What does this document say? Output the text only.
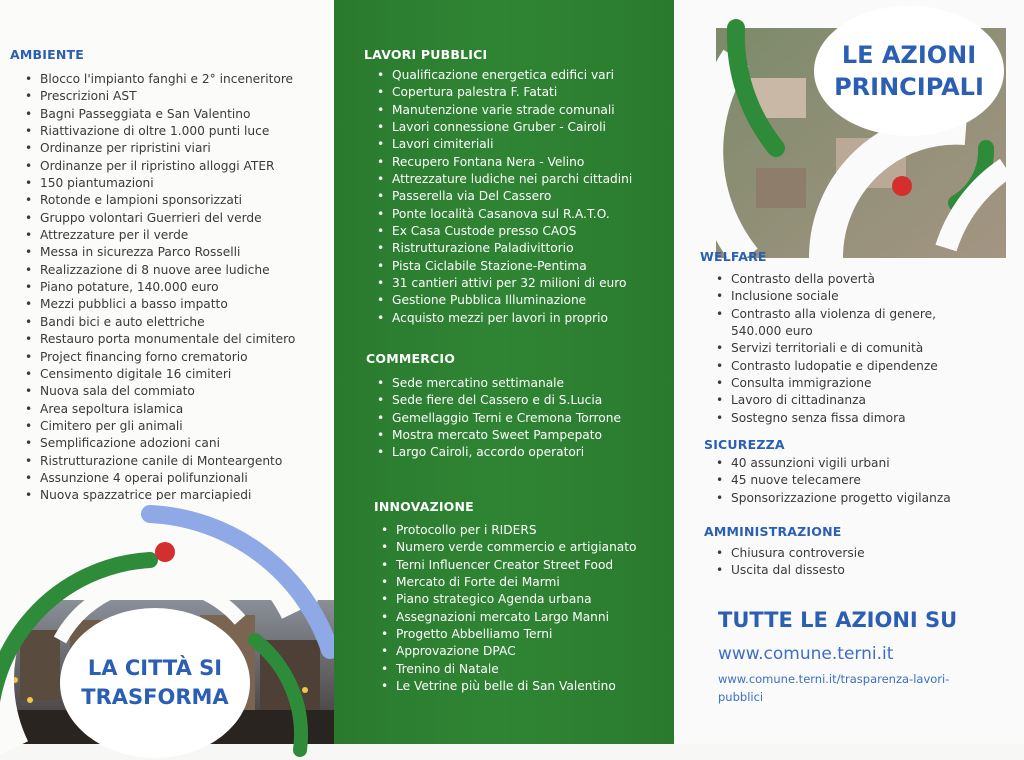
AMBIENTE
• Blocco l'impianto fanghi e 2° inceneritore
• Prescrizioni AST
• Bagni Passeggiata e San Valentino
• Riattivazione di oltre 1.000 punti luce
• Ordinanze per ripristini viari
• Ordinanze per il ripristino alloggi ATER
• 150 piantumazioni
• Rotonde e lampioni sponsorizzati
• Gruppo volontari Guerrieri del verde
• Attrezzature per il verde
• Messa in sicurezza Parco Rosselli
• Realizzazione di 8 nuove aree ludiche
• Piano potature, 140.000 euro
• Mezzi pubblici a basso impatto
• Bandi bici e auto elettriche
• Restauro porta monumentale del cimitero
• Project financing forno crematorio
• Censimento digitale 16 cimiteri
• Nuova sala del commiato
• Area sepoltura islamica
• Cimitero per gli animali
• Semplificazione adozioni cani
• Ristrutturazione canile di Monteargento
• Assunzione 4 operai polifunzionali
• Nuova spazzatrice per marciapiedi
LA CITTÀ SI
TRASFORMA
LAVORI PUBBLICI
• Qualificazione energetica edifici vari
• Copertura palestra F. Fatati
• Manutenzione varie strade comunali
• Lavori connessione Gruber - Cairoli
• Lavori cimiteriali
• Recupero Fontana Nera - Velino
• Attrezzature ludiche nei parchi cittadini
• Passerella via Del Cassero
• Ponte località Casanova sul R.A.T.O.
• Ex Casa Custode presso CAOS
• Ristrutturazione Paladivittorio
• Pista Ciclabile Stazione-Pentima
• 31 cantieri attivi per 32 milioni di euro
• Gestione Pubblica Illuminazione
• Acquisto mezzi per lavori in proprio
COMMERCIO
• Sede mercatino settimanale
• Sede fiere del Cassero e di S.Lucia
• Gemellaggio Terni e Cremona Torrone
• Mostra mercato Sweet Pampepato
• Largo Cairoli, accordo operatori
INNOVAZIONE
• Protocollo per i RIDERS
• Numero verde commercio e artigianato
• Terni Influencer Creator Street Food
• Mercato di Forte dei Marmi
• Piano strategico Agenda urbana
• Assegnazioni mercato Largo Manni
• Progetto Abbelliamo Terni
• Approvazione DPAC
• Trenino di Natale
• Le Vetrine più belle di San Valentino
LE AZIONI
PRINCIPALI
WELFARE
• Contrasto della povertà
• Inclusione sociale
• Contrasto alla violenza di genere, 540.000 euro
• Servizi territoriali e di comunità
• Contrasto ludopatie e dipendenze
• Consulta immigrazione
• Lavoro di cittadinanza
• Sostegno senza fissa dimora
SICUREZZA
• 40 assunzioni vigili urbani
• 45 nuove telecamere
• Sponsorizzazione progetto vigilanza
AMMINISTRAZIONE
• Chiusura controversie
• Uscita dal dissesto
TUTTE LE AZIONI SU
www.comune.terni.it
www.comune.terni.it/trasparenza-lavori-
pubblici
